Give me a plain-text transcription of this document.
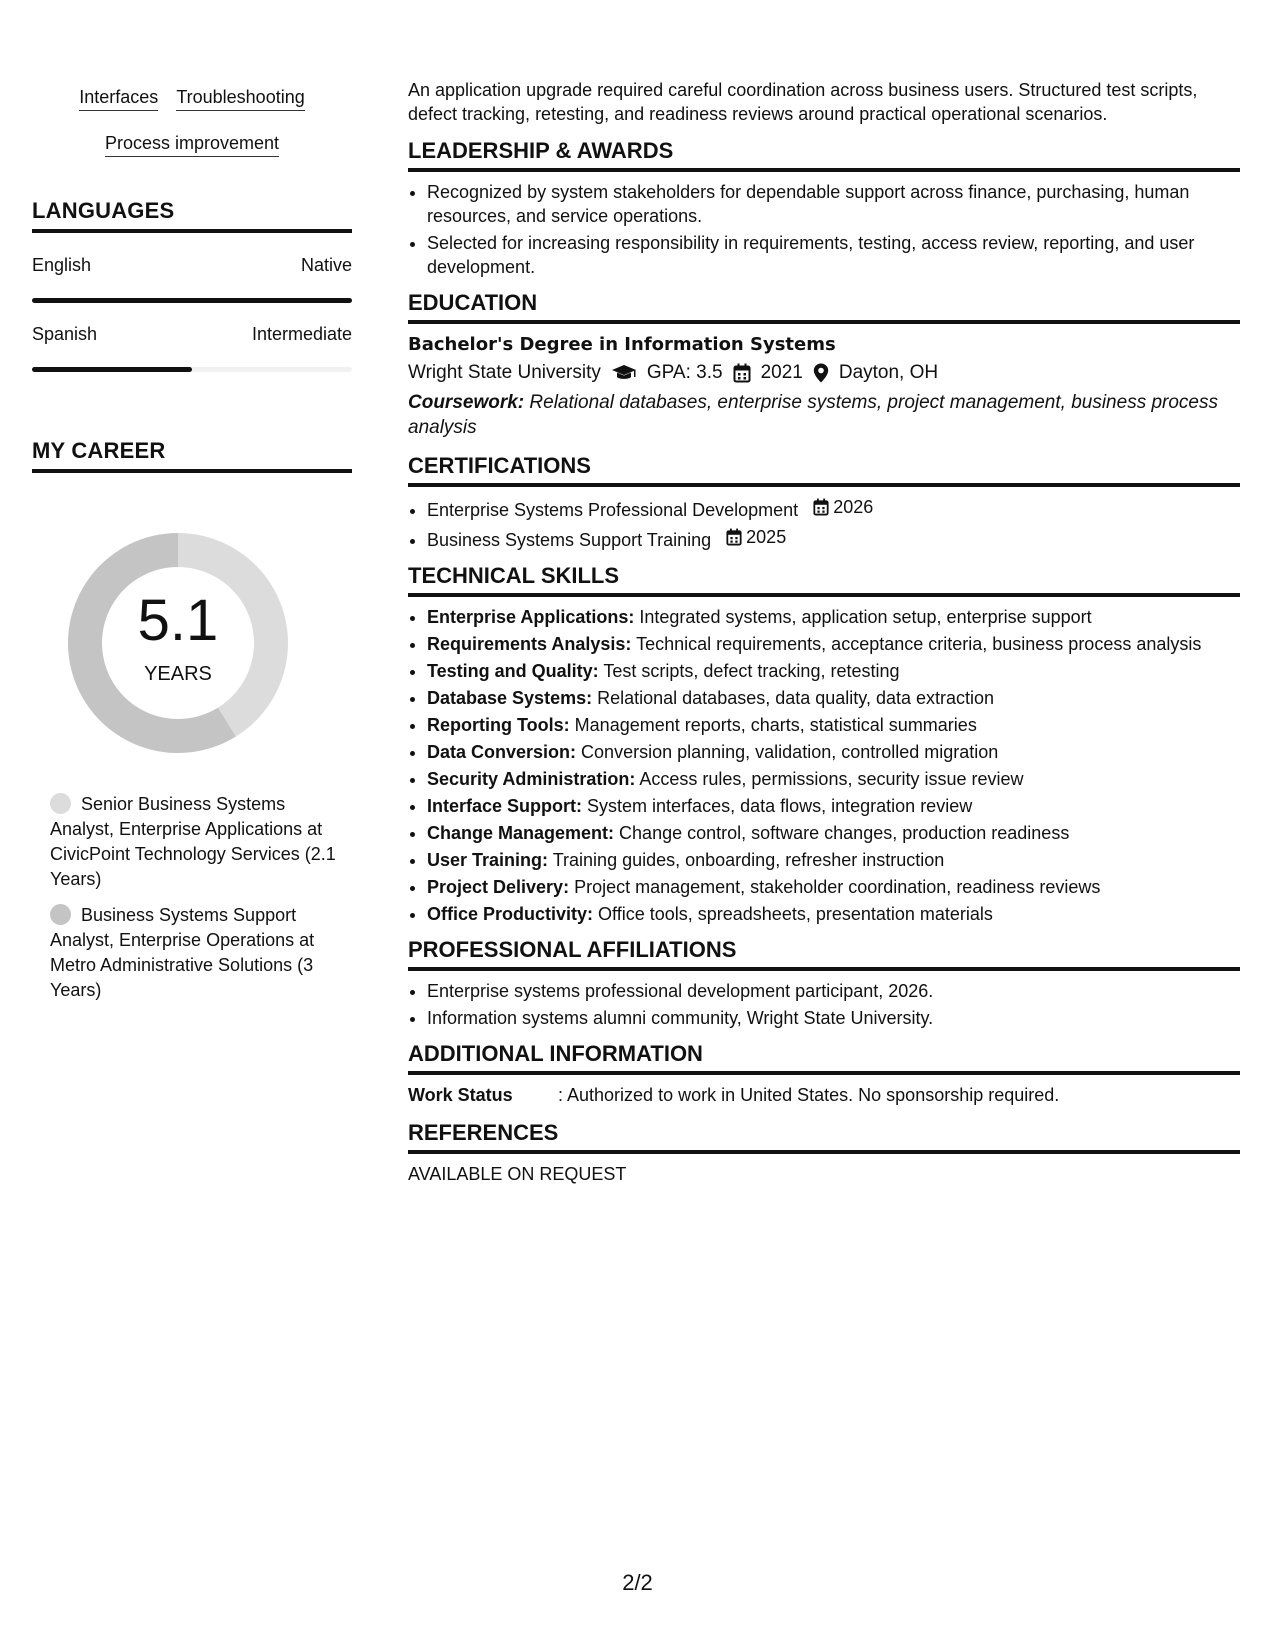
Interfaces Troubleshooting
Process improvement
LANGUAGES
English	Native
Spanish	Intermediate
MY CAREER
5.1
YEARS
Senior Business Systems Analyst, Enterprise Applications at CivicPoint Technology Services (2.1 Years)
Business Systems Support Analyst, Enterprise Operations at Metro Administrative Solutions (3 Years)

An application upgrade required careful coordination across business users. Structured test scripts, defect tracking, retesting, and readiness reviews around practical operational scenarios.

LEADERSHIP & AWARDS
• Recognized by system stakeholders for dependable support across finance, purchasing, human resources, and service operations.
• Selected for increasing responsibility in requirements, testing, access review, reporting, and user development.
EDUCATION
Bachelor's Degree in Information Systems
Wright State University GPA: 3.5 2021 Dayton, OH
Coursework: Relational databases, enterprise systems, project management, business process analysis
CERTIFICATIONS
• Enterprise Systems Professional Development 2026
• Business Systems Support Training 2025
TECHNICAL SKILLS
• Enterprise Applications: Integrated systems, application setup, enterprise support
• Requirements Analysis: Technical requirements, acceptance criteria, business process analysis
• Testing and Quality: Test scripts, defect tracking, retesting
• Database Systems: Relational databases, data quality, data extraction
• Reporting Tools: Management reports, charts, statistical summaries
• Data Conversion: Conversion planning, validation, controlled migration
• Security Administration: Access rules, permissions, security issue review
• Interface Support: System interfaces, data flows, integration review
• Change Management: Change control, software changes, production readiness
• User Training: Training guides, onboarding, refresher instruction
• Project Delivery: Project management, stakeholder coordination, readiness reviews
• Office Productivity: Office tools, spreadsheets, presentation materials
PROFESSIONAL AFFILIATIONS
• Enterprise systems professional development participant, 2026.
• Information systems alumni community, Wright State University.
ADDITIONAL INFORMATION
Work Status	: Authorized to work in United States. No sponsorship required.
REFERENCES
AVAILABLE ON REQUEST
2/2
